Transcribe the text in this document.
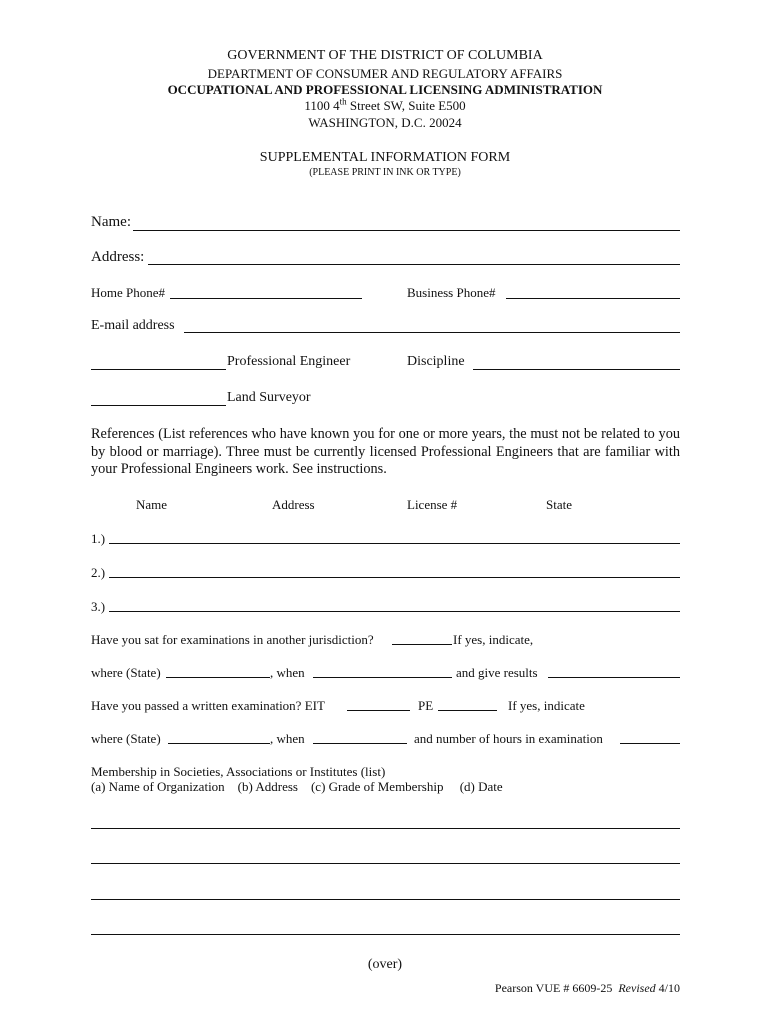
GOVERNMENT OF THE DISTRICT OF COLUMBIA
DEPARTMENT OF CONSUMER AND REGULATORY AFFAIRS
OCCUPATIONAL AND PROFESSIONAL LICENSING ADMINISTRATION
1100 4th Street SW, Suite E500
WASHINGTON, D.C. 20024
SUPPLEMENTAL INFORMATION FORM
(PLEASE PRINT IN INK OR TYPE)
Name:
Address:
Home Phone#	Business Phone#
E-mail address
Professional Engineer	Discipline
Land Surveyor
References (List references who have known you for one or more years, the must not be related to you by blood or marriage). Three must be currently licensed Professional Engineers that are familiar with your Professional Engineers work. See instructions.
Name	Address	License #	State
1.)
2.)
3.)
Have you sat for examinations in another jurisdiction?	If yes, indicate,
where (State)	, when	and give results
Have you passed a written examination? EIT	PE	If yes, indicate
where (State)	, when	and number of hours in examination
Membership in Societies, Associations or Institutes (list)
(a) Name of Organization    (b) Address    (c) Grade of Membership     (d) Date
(over)
Pearson VUE # 6609-25 Revised 4/10
